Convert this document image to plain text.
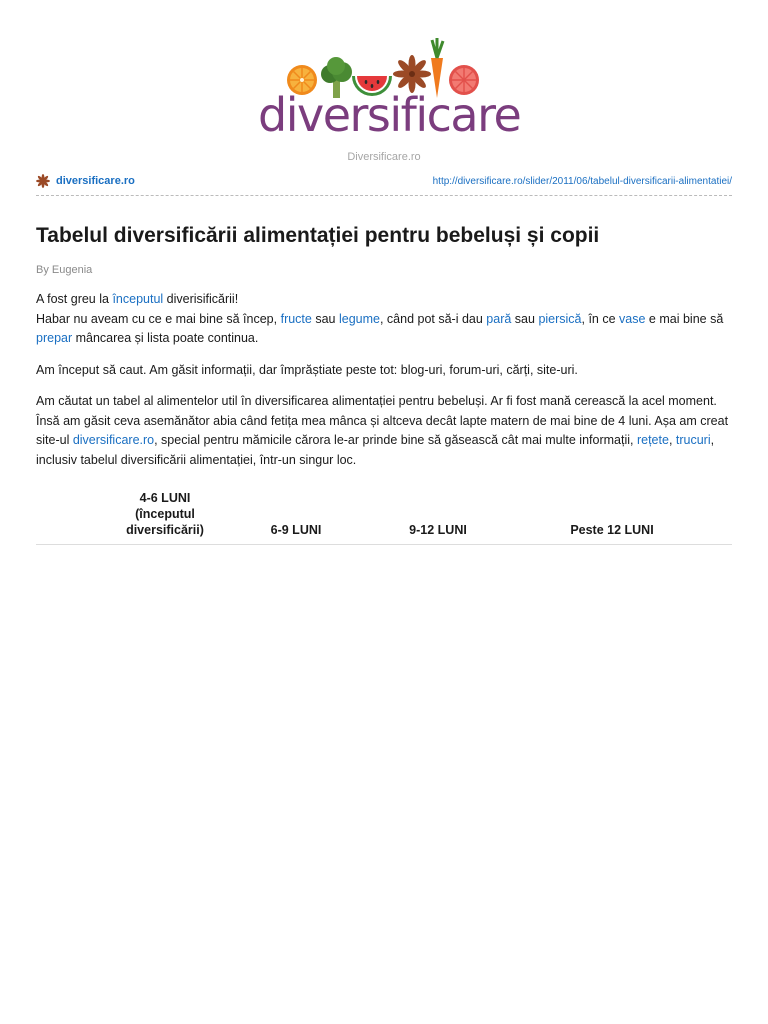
diversificare
Diversificare.ro
diversificare.ro	http://diversificare.ro/slider/2011/06/tabelul-diversificarii-alimentatiei/
Tabelul diversificării alimentației pentru bebeluși și copii
By Eugenia

A fost greu la începutul diverisificării!
Habar nu aveam cu ce e mai bine să încep, fructe sau legume, când pot să-i dau pară sau piersică, în ce vase e mai bine să prepar mâncarea și lista poate continua.

Am început să caut. Am găsit informații, dar împrăștiate peste tot: blog-uri, forum-uri, cărți, site-uri.

Am căutat un tabel al alimentelor util în diversificarea alimentației pentru bebeluși. Ar fi fost mană cerească la acel moment. Însă am găsit ceva asemănător abia când fetița mea mânca și altceva decât lapte matern de mai bine de 4 luni. Așa am creat site-ul diversificare.ro, special pentru mămicile cărora le-ar prinde bine să găsească cât mai multe informații, rețete, trucuri, inclusiv tabelul diversificării alimentației, într-un singur loc.

4-6 LUNI
(începutul
diversificării)	6-9 LUNI	9-12 LUNI	Peste 12 LUNI
